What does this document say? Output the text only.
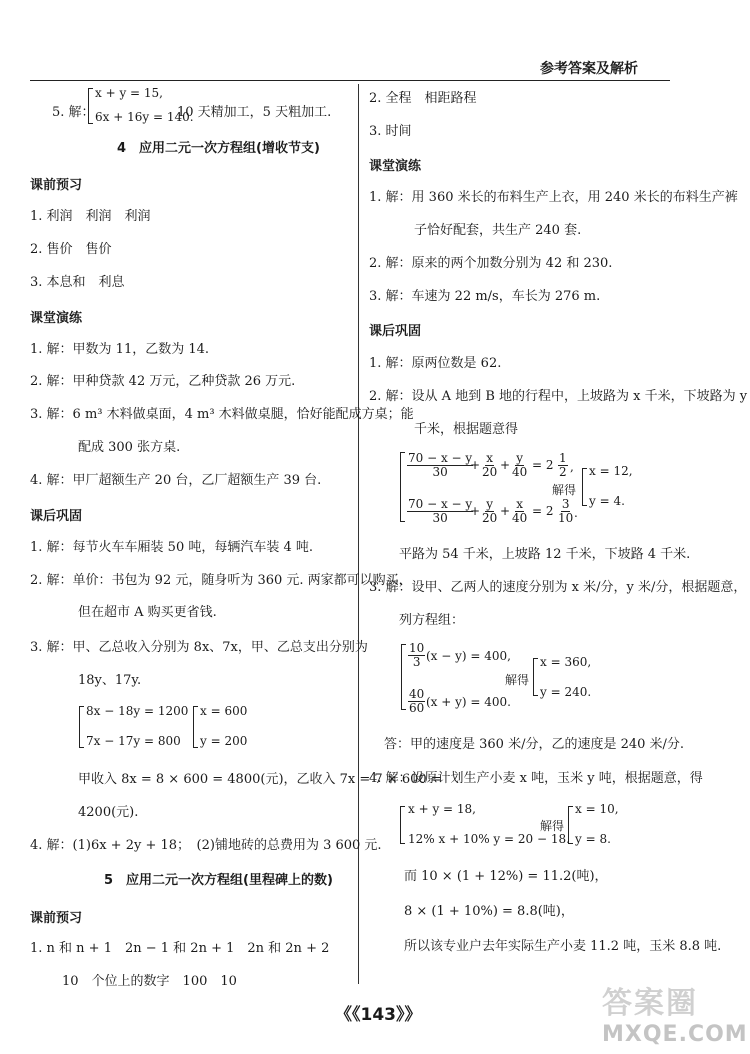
参考答案及解析
5. 解：
x + y = 15,
6x + 16y = 140.
10 天精加工，5 天粗加工.
4　应用二元一次方程组(增收节支)
课前预习
1. 利润　利润　利润
2. 售价　售价
3. 本息和　利息
课堂演练
1. 解：甲数为 11，乙数为 14.
2. 解：甲种贷款 42 万元，乙种贷款 26 万元.
3. 解：6 m³ 木料做桌面，4 m³ 木料做桌腿，恰好能配成方桌；能
配成 300 张方桌.
4. 解：甲厂超额生产 20 台，乙厂超额生产 39 台.
课后巩固
1. 解：每节火车车厢装 50 吨，每辆汽车装 4 吨.
2. 解：单价：书包为 92 元，随身听为 360 元. 两家都可以购买，
但在超市 A 购买更省钱.
3. 解：甲、乙总收入分别为 8x、7x，甲、乙总支出分别为
18y、17y.
8x − 18y = 1200
7x − 17y = 800
x = 600
y = 200
甲收入 8x = 8 × 600 = 4800(元)，乙收入 7x = 7 × 600 =
4200(元).
4. 解：(1)6x + 2y + 18；　(2)铺地砖的总费用为 3 600 元.
5　应用二元一次方程组(里程碑上的数)
课前预习
1. n 和 n + 1　2n − 1 和 2n + 1　2n 和 2n + 2
10　个位上的数字　100　10
2. 全程　相距路程
3. 时间
课堂演练
1. 解：用 360 米长的布料生产上衣，用 240 米长的布料生产裤
子恰好配套，共生产 240 套.
2. 解：原来的两个加数分别为 42 和 230.
3. 解：车速为 22 m/s，车长为 276 m.
课后巩固
1. 解：原两位数是 62.
2. 解：设从 A 地到 B 地的行程中，上坡路为 x 千米，下坡路为 y
千米，根据题意得
$\frac{70 - x - y}{30}$
+ $\frac{x}{20} + \frac{y}{40} = 2 \frac{1}{2}$ ,
$\frac{70 - x - y}{30}$
+ $\frac{y}{20} + \frac{x}{40} = 2 \frac{3}{10}$ .
解得
x = 12,
y = 4.
平路为 54 千米，上坡路 12 千米，下坡路 4 千米.
3. 解：设甲、乙两人的速度分别为 x 米/分，y 米/分，根据题意，
列方程组：
$\frac{10}{3} (x - y) = 400$,
$\frac{40}{60} (x + y) = 400$.
解得
x = 360,
y = 240.
答：甲的速度是 360 米/分，乙的速度是 240 米/分.
4. 解：设原计划生产小麦 x 吨，玉米 y 吨，根据题意，得
x + y = 18,
12% x + 10% y = 20 − 18.
解得
x = 10,
y = 8.
而 10 × (1 + 12%) = 11.2(吨)，
8 × (1 + 10%) = 8.8(吨)，
所以该专业户去年实际生产小麦 11.2 吨，玉米 8.8 吨.
《《143》》	答案圈
MXQE.COM
